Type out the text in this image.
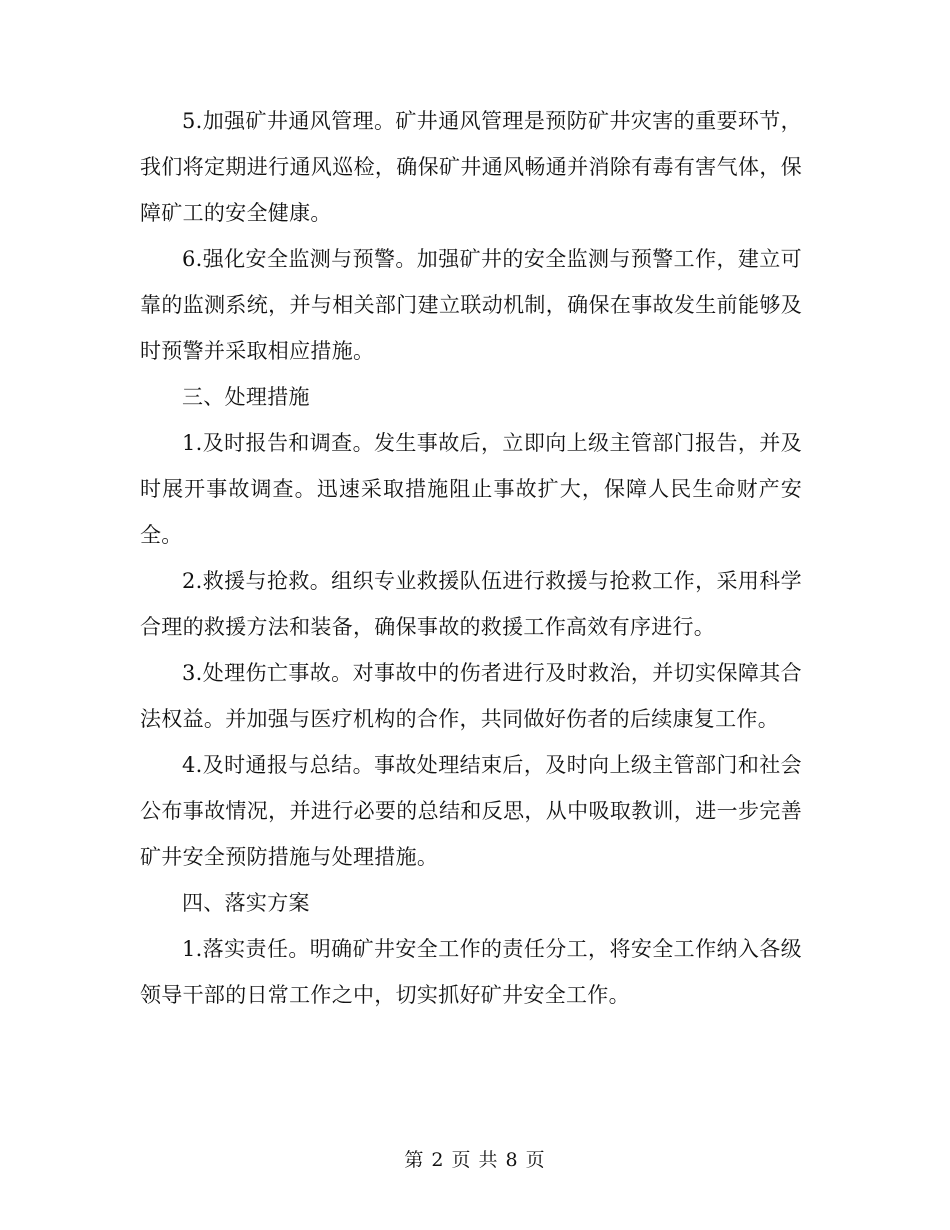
5.加强矿井通风管理。矿井通风管理是预防矿井灾害的重要环节，我们将定期进行通风巡检，确保矿井通风畅通并消除有毒有害气体，保障矿工的安全健康。

6.强化安全监测与预警。加强矿井的安全监测与预警工作，建立可靠的监测系统，并与相关部门建立联动机制，确保在事故发生前能够及时预警并采取相应措施。

三、处理措施

1.及时报告和调查。发生事故后，立即向上级主管部门报告，并及时展开事故调查。迅速采取措施阻止事故扩大，保障人民生命财产安全。

2.救援与抢救。组织专业救援队伍进行救援与抢救工作，采用科学合理的救援方法和装备，确保事故的救援工作高效有序进行。

3.处理伤亡事故。对事故中的伤者进行及时救治，并切实保障其合法权益。并加强与医疗机构的合作，共同做好伤者的后续康复工作。

4.及时通报与总结。事故处理结束后，及时向上级主管部门和社会公布事故情况，并进行必要的总结和反思，从中吸取教训，进一步完善矿井安全预防措施与处理措施。

四、落实方案

1.落实责任。明确矿井安全工作的责任分工，将安全工作纳入各级领导干部的日常工作之中，切实抓好矿井安全工作。

第 2 页 共 8 页
